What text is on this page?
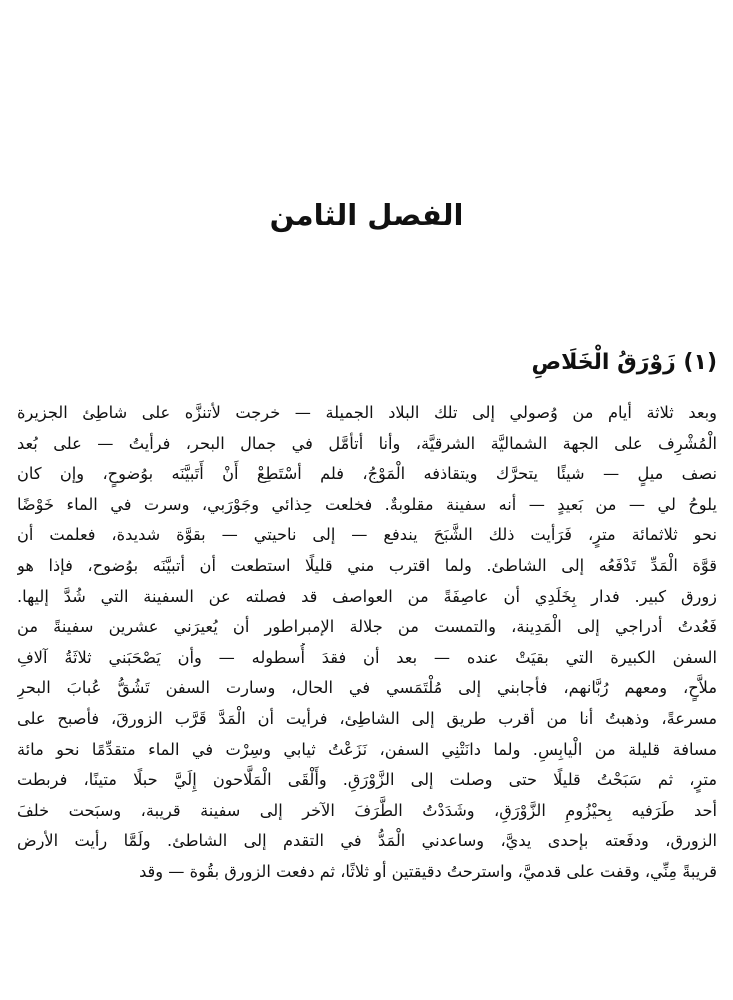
الفصل الثامن
(١) زَوْرَقُ الْخَلَاصِ
وبعد ثلاثة أيام من وُصولي إلى تلك البلاد الجميلة — خرجت لأتنزَّه على شاطِئ الجزيرة
الْمُشْرِف على الجهة الشماليَّة الشرقيَّة، وأنا أتأمَّل في جمال البحر، فرأيتُ — على بُعد
نصف ميلٍ — شيئًا يتحرَّك ويتقاذفه الْمَوْجُ، فلم أسْتَطِعْ أَنْ أَتَبيَّنَه بوُضوحٍ، وإن كان
يلوحُ لي — من بَعيدٍ — أنه سفينة مقلوبةٌ. فخلعت حِذائي وجَوْرَبي، وسرت في الماء خَوْضًا
نحو ثلاثمائة مترٍ، فَرَأيت ذلك الشَّبَحَ يندفع — إلى ناحيتي — بقوَّة شديدة، فعلمت أن
قوَّة الْمَدِّ تَدْفَعُه إلى الشاطئ. ولما اقترب مني قليلًا استطعت أن أتبيَّنَه بوُضوح، فإذا هو
زورق كبير. فدار بِخَلَدِي أن عاصِفَةً من العواصف قد فصلته عن السفينة التي شُدَّ إليها.
فَعُدتُ أدراجي إلى الْمَدِينة، والتمست من جلالة الإمبراطور أن يُعيرَني عشرين سفينةً من
السفن الكبيرة التي بقيَتْ عنده — بعد أن فقدَ أُسطوله — وأن يَصْحَبَني ثلاثَةُ آلافِ
ملاَّحٍ، ومعهم رُبَّانهم، فأجابني إلى مُلْتَمَسي في الحال، وسارت السفن تَشُقُّ عُبابَ البحرِ
مسرعةً، وذهبتُ أنا من أقرب طريق إلى الشاطِئ، فرأيت أن الْمَدَّ قَرَّب الزورقَ، فأصبح على
مسافة قليلة من الْيابِسِ. ولما دانَتْنِي السفن، نَزَعْتُ ثيابي وسِرْت في الماء متقدِّمًا نحو مائة
مترٍ، ثم سَبَحْتُ قليلًا حتى وصلت إلى الزَّوْرَقِ. وأَلْقَى الْمَلَّاحون إِلَيَّ حبلًا متينًا، فربطت
أحد طَرَفيه بِحيْزُومِ الزَّوْرَقِ، وشَدَدْتُ الطَّرَفَ الآخر إلى سفينة قريبة، وسبَحت خلفَ
الزورق، ودفَعته بإحدى يديَّ، وساعدني الْمَدُّ في التقدم إلى الشاطئ. ولَمَّا رأيت الأرض
قريبةً مِنِّي، وقفت على قدميَّ، واسترحتُ دقيقتين أو ثلاثًا، ثم دفعت الزورق بقُوة — وقد
